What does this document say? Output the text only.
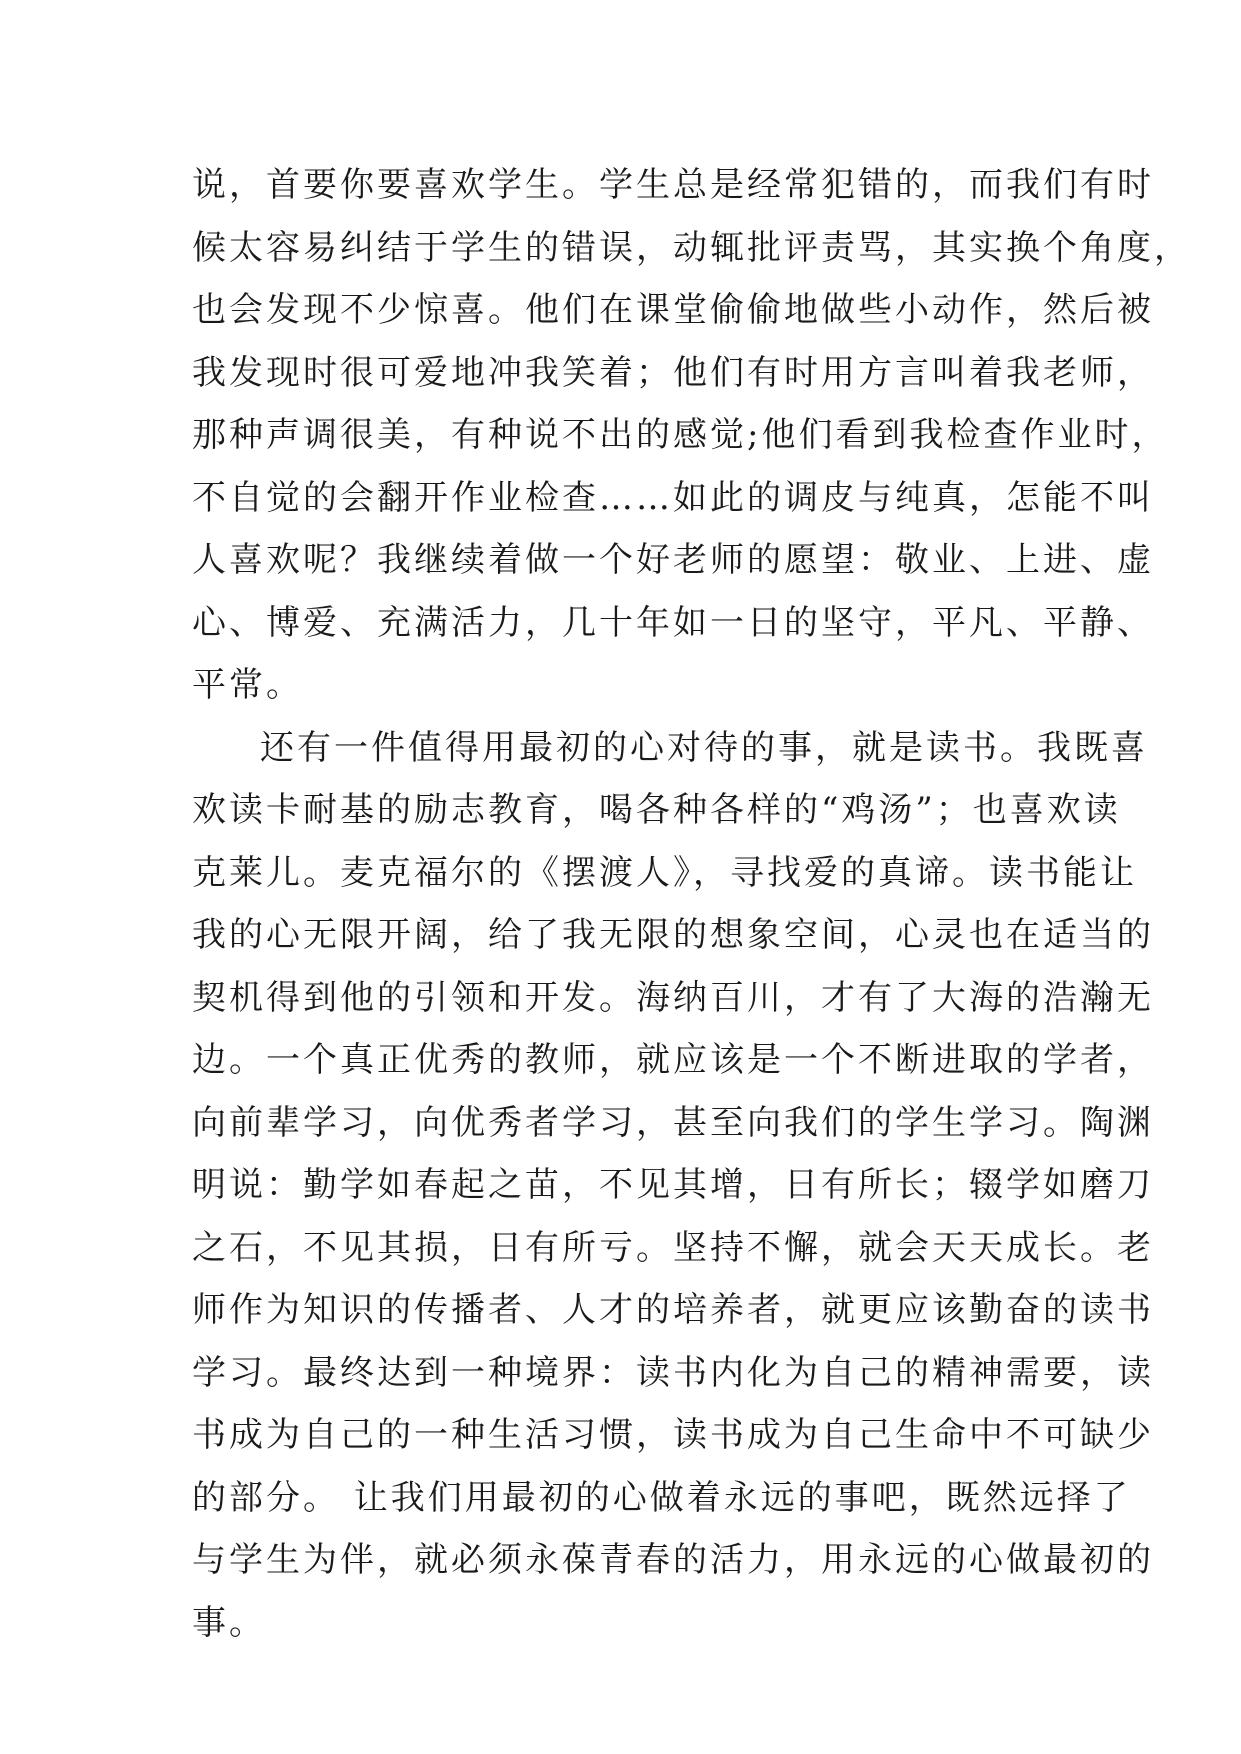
说，首要你要喜欢学生。学生总是经常犯错的，而我们有时
候太容易纠结于学生的错误，动辄批评责骂，其实换个角度，
也会发现不少惊喜。他们在课堂偷偷地做些小动作，然后被
我发现时很可爱地冲我笑着；他们有时用方言叫着我老师，
那种声调很美，有种说不出的感觉;他们看到我检查作业时，
不自觉的会翻开作业检查……如此的调皮与纯真，怎能不叫
人喜欢呢？我继续着做一个好老师的愿望：敬业、上进、虚
心、博爱、充满活力，几十年如一日的坚守，平凡、平静、
平常。
还有一件值得用最初的心对待的事，就是读书。我既喜
欢读卡耐基的励志教育，喝各种各样的“鸡汤”；也喜欢读
克莱儿。麦克福尔的《摆渡人》，寻找爱的真谛。读书能让
我的心无限开阔，给了我无限的想象空间，心灵也在适当的
契机得到他的引领和开发。海纳百川，才有了大海的浩瀚无
边。一个真正优秀的教师，就应该是一个不断进取的学者，
向前辈学习，向优秀者学习，甚至向我们的学生学习。陶渊
明说：勤学如春起之苗，不见其增，日有所长；辍学如磨刀
之石，不见其损，日有所亏。坚持不懈，就会天天成长。老
师作为知识的传播者、人才的培养者，就更应该勤奋的读书
学习。最终达到一种境界：读书内化为自己的精神需要，读
书成为自己的一种生活习惯，读书成为自己生命中不可缺少
的部分。 让我们用最初的心做着永远的事吧，既然远择了
与学生为伴，就必须永葆青春的活力，用永远的心做最初的
事。
